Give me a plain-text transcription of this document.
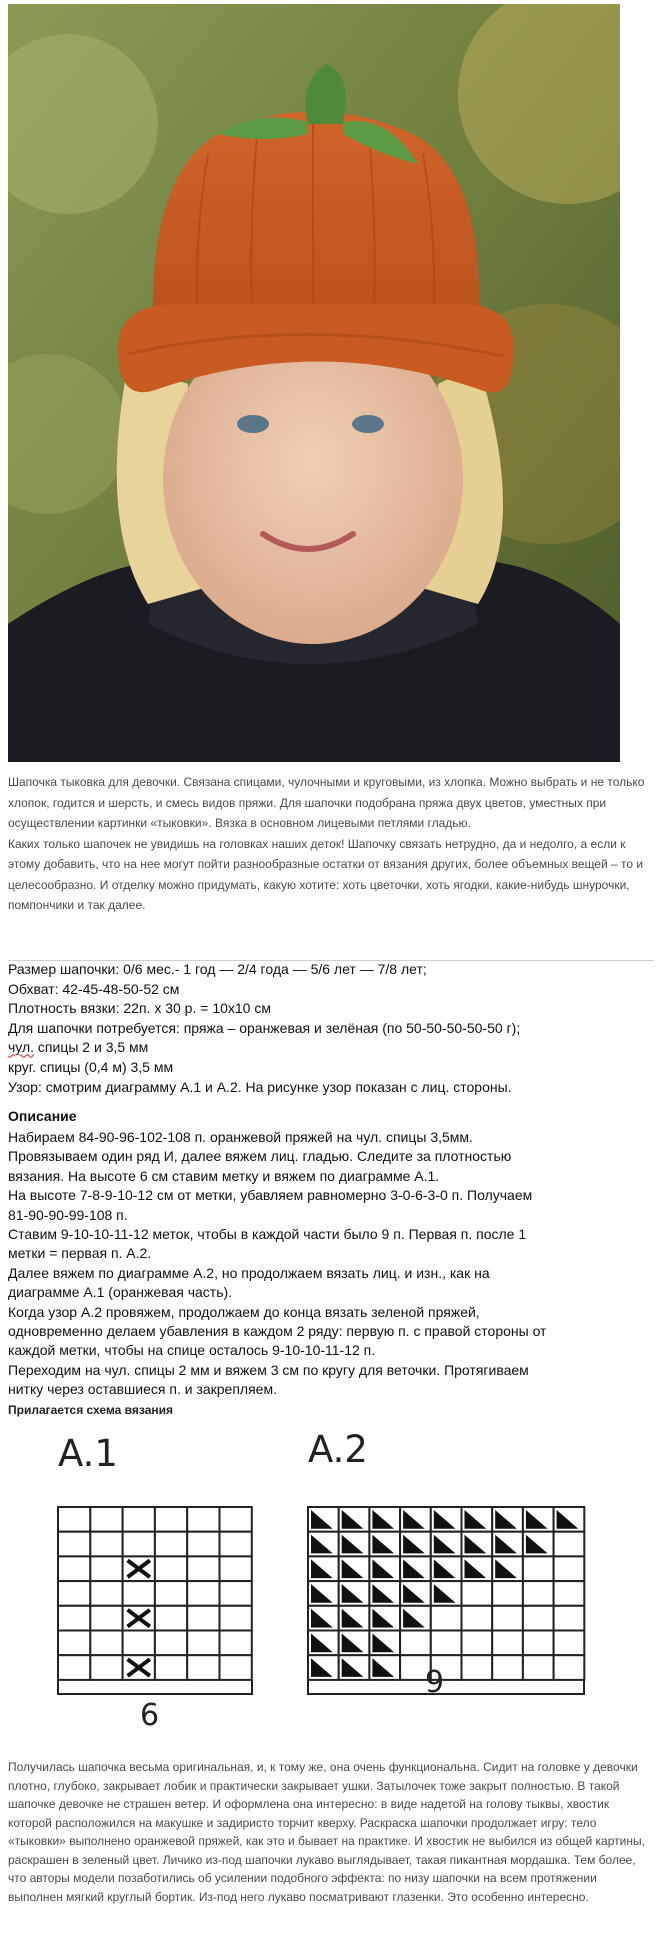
Шапочка тыковка для девочки. Связана спицами, чулочными и круговыми, из хлопка. Можно выбрать и не только хлопок, годится и шерсть, и смесь видов пряжи. Для шапочки подобрана пряжа двух цветов, уместных при осуществлении картинки «тыковки». Вязка в основном лицевыми петлями гладью.

Каких только шапочек не увидишь на головках наших деток! Шапочку связать нетрудно, да и недолго, а если к этому добавить, что на нее могут пойти разнообразные остатки от вязания других, более объемных вещей – то и целесообразно. И отделку можно придумать, какую хотите: хоть цветочки, хоть ягодки, какие-нибудь шнурочки, помпончики и так далее.

Размер шапочки: 0/6 мес.- 1 год — 2/4 года — 5/6 лет — 7/8 лет;
Обхват: 42-45-48-50-52 см
Плотность вязки: 22п. х 30 р. = 10х10 см
Для шапочки потребуется: пряжа – оранжевая и зелёная (по 50-50-50-50-50 г);
чул. спицы 2 и 3,5 мм
круг. спицы (0,4 м) 3,5 мм
Узор: смотрим диаграмму А.1 и А.2. На рисунке узор показан с лиц. стороны.
Описание
Набираем 84-90-96-102-108 п. оранжевой пряжей на чул. спицы 3,5мм.
Провязываем один ряд И, далее вяжем лиц. гладью. Следите за плотностью
вязания. На высоте 6 см ставим метку и вяжем по диаграмме А.1.
На высоте 7-8-9-10-12 см от метки, убавляем равномерно 3-0-6-3-0 п. Получаем
81-90-90-99-108 п.
Ставим 9-10-10-11-12 меток, чтобы в каждой части было 9 п. Первая п. после 1
метки = первая п. А.2.
Далее вяжем по диаграмме А.2, но продолжаем вязать лиц. и изн., как на
диаграмме А.1 (оранжевая часть).
Когда узор А.2 провяжем, продолжаем до конца вязать зеленой пряжей,
одновременно делаем убавления в каждом 2 ряду: первую п. с правой стороны от
каждой метки, чтобы на спице осталось 9-10-10-11-12 п.
Переходим на чул. спицы 2 мм и вяжем 3 см по кругу для веточки. Протягиваем
нитку через оставшиеся п. и закрепляем.
Прилагается схема вязания
A.1	A.2
6
9

Получилась шапочка весьма оригинальная, и, к тому же, она очень функциональна. Сидит на головке у девочки плотно, глубоко, закрывает лобик и практически закрывает ушки. Затылочек тоже закрыт полностью. В такой шапочке девочке не страшен ветер. И оформлена она интересно: в виде надетой на голову тыквы, хвостик которой расположился на макушке и задиристо торчит кверху. Раскраска шапочки продолжает игру: тело «тыковки» выполнено оранжевой пряжей, как это и бывает на практике. И хвостик не выбился из общей картины, раскрашен в зеленый цвет. Личико из-под шапочки лукаво выглядывает, такая пикантная мордашка. Тем более, что авторы модели позаботились об усилении подобного эффекта: по низу шапочки на всем протяжении выполнен мягкий круглый бортик. Из-под него лукаво посматривают глазенки. Это особенно интересно.
